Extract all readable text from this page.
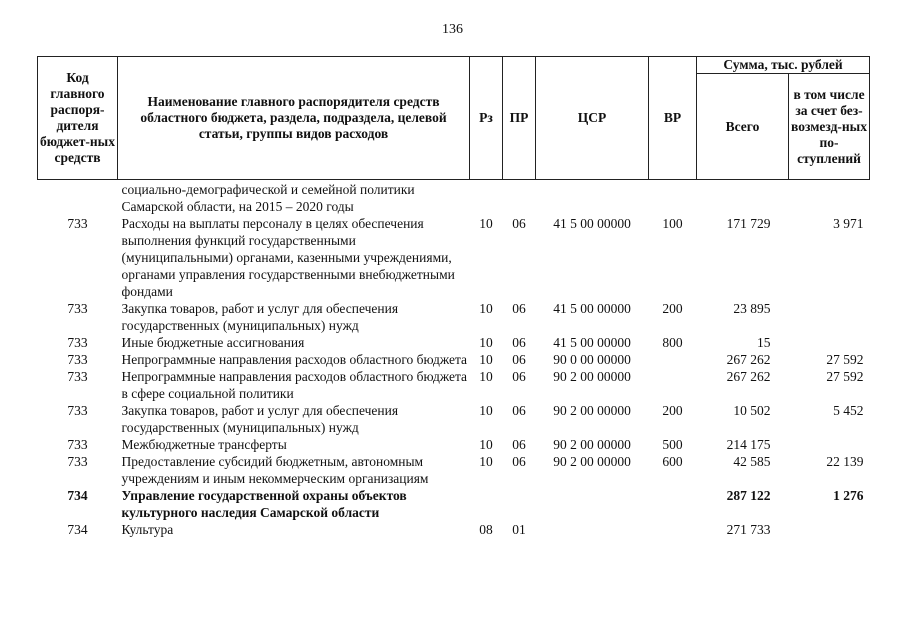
136
Код главного распоря-дителя бюджет-ных средств	Наименование главного распорядителя средств областного бюджета, раздела, подраздела, целевой статьи, группы видов расходов	Рз	ПР	ЦСР	ВР	Сумма, тыс. рублей	
						Всего	в том числе за счет без-возмезд-ных по-ступлений
	социально-демографической и семейной политики Самарской области, на 2015 – 2020 годы						
733	Расходы на выплаты персоналу в целях обеспечения выполнения функций государственными (муниципальными) органами, казенными учреждениями, органами управления государственными внебюджетными фондами	10	06	41 5 00 00000	100	171 729	3 971
733	Закупка товаров, работ и услуг для обеспечения государственных (муниципальных) нужд	10	06	41 5 00 00000	200	23 895	
733	Иные бюджетные ассигнования	10	06	41 5 00 00000	800	15	
733	Непрограммные направления расходов областного бюджета	10	06	90 0 00 00000		267 262	27 592
733	Непрограммные направления расходов областного бюджета в сфере социальной политики	10	06	90 2 00 00000		267 262	27 592
733	Закупка товаров, работ и услуг для обеспечения государственных (муниципальных) нужд	10	06	90 2 00 00000	200	10 502	5 452
733	Межбюджетные трансферты	10	06	90 2 00 00000	500	214 175	
733	Предоставление субсидий бюджетным, автономным учреждениям и иным некоммерческим организациям	10	06	90 2 00 00000	600	42 585	22 139
734	Управление государственной охраны объектов культурного наследия Самарской области					287 122	1 276
734	Культура	08	01			271 733	
